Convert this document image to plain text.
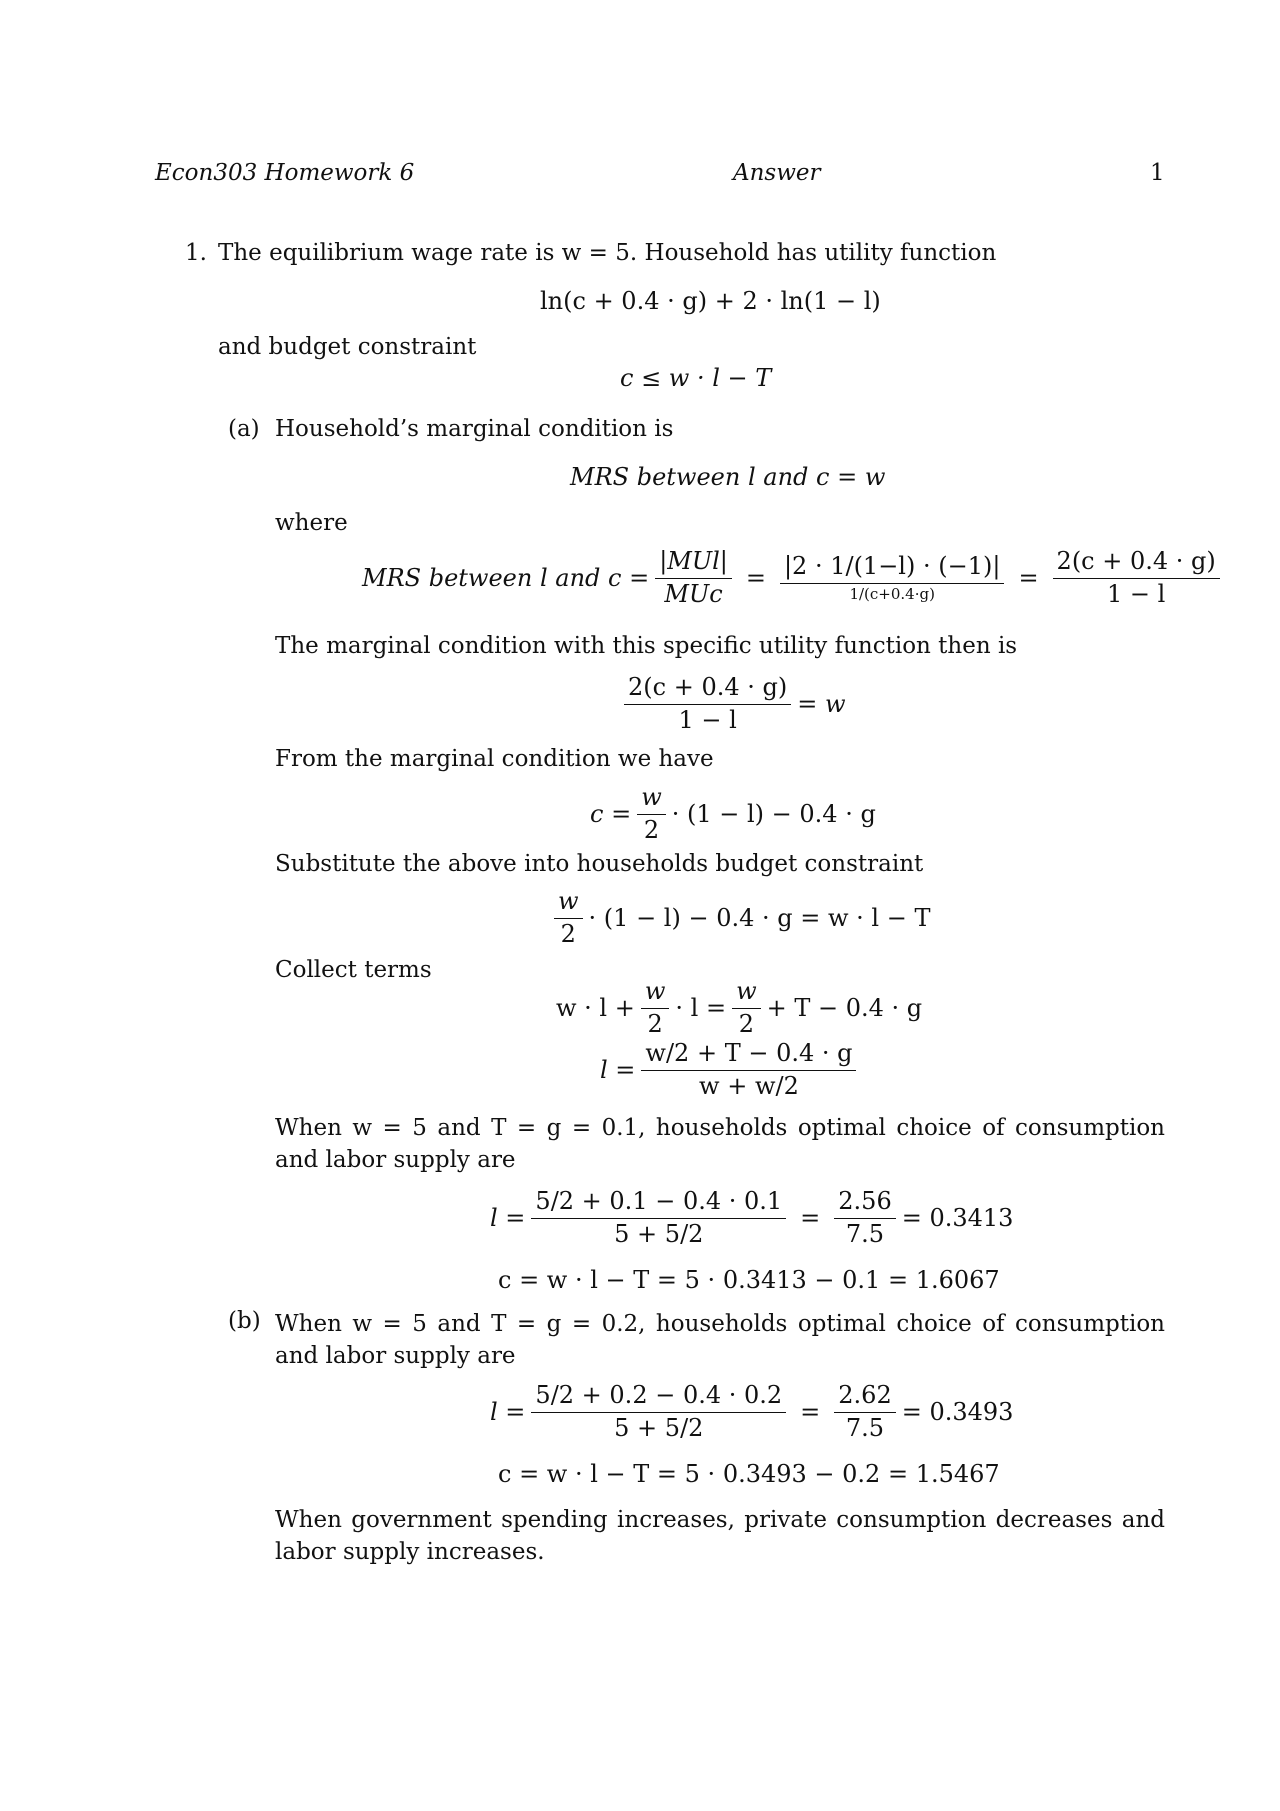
Econ303 Homework 6	Answer	1
1. The equilibrium wage rate is w = 5. Household has utility function
ln(c + 0.4 · g) + 2 · ln(1 − l)
and budget constraint
c ≤ w · l − T
(a) Household’s marginal condition is
MRS between l and c = w
where
MRS between l and $c = \frac{\text{|MUl|}}{\text{MUc}} = \frac{|2 \cdot 1/(1-l) \cdot (-1)|}{1/(c+0.4\cdot g)} = \frac{2(c + 0.4 \cdot g)}{1 - l}$
The marginal condition with this specific utility function then is
$\frac{2(c + 0.4 \cdot g)}{1 - l} = w$
From the marginal condition we have
$c = \frac{w}{2} \cdot (1 - l) - 0.4 \cdot g$
Substitute the above into households budget constraint
$\frac{w}{2} \cdot (1 - l) - 0.4 \cdot g = w \cdot l - T$
Collect terms
$w \cdot l + \frac{w}{2} \cdot l = \frac{w}{2} + T - 0.4 \cdot g$
$l = \frac{w/2 + T - 0.4 \cdot g}{w + w/2}$
When w = 5 and T = g = 0.1, households optimal choice of consumption and labor supply are
$l = \frac{5/2 + 0.1 - 0.4 \cdot 0.1}{5 + 5/2} = \frac{2.56}{7.5} = 0.3413$
c = w · l − T = 5 · 0.3413 − 0.1 = 1.6067
(b) When w = 5 and T = g = 0.2, households optimal choice of consumption and labor supply are
$l = \frac{5/2 + 0.2 - 0.4 \cdot 0.2}{5 + 5/2} = \frac{2.62}{7.5} = 0.3493$
c = w · l − T = 5 · 0.3493 − 0.2 = 1.5467
When government spending increases, private consumption decreases and labor supply increases.
